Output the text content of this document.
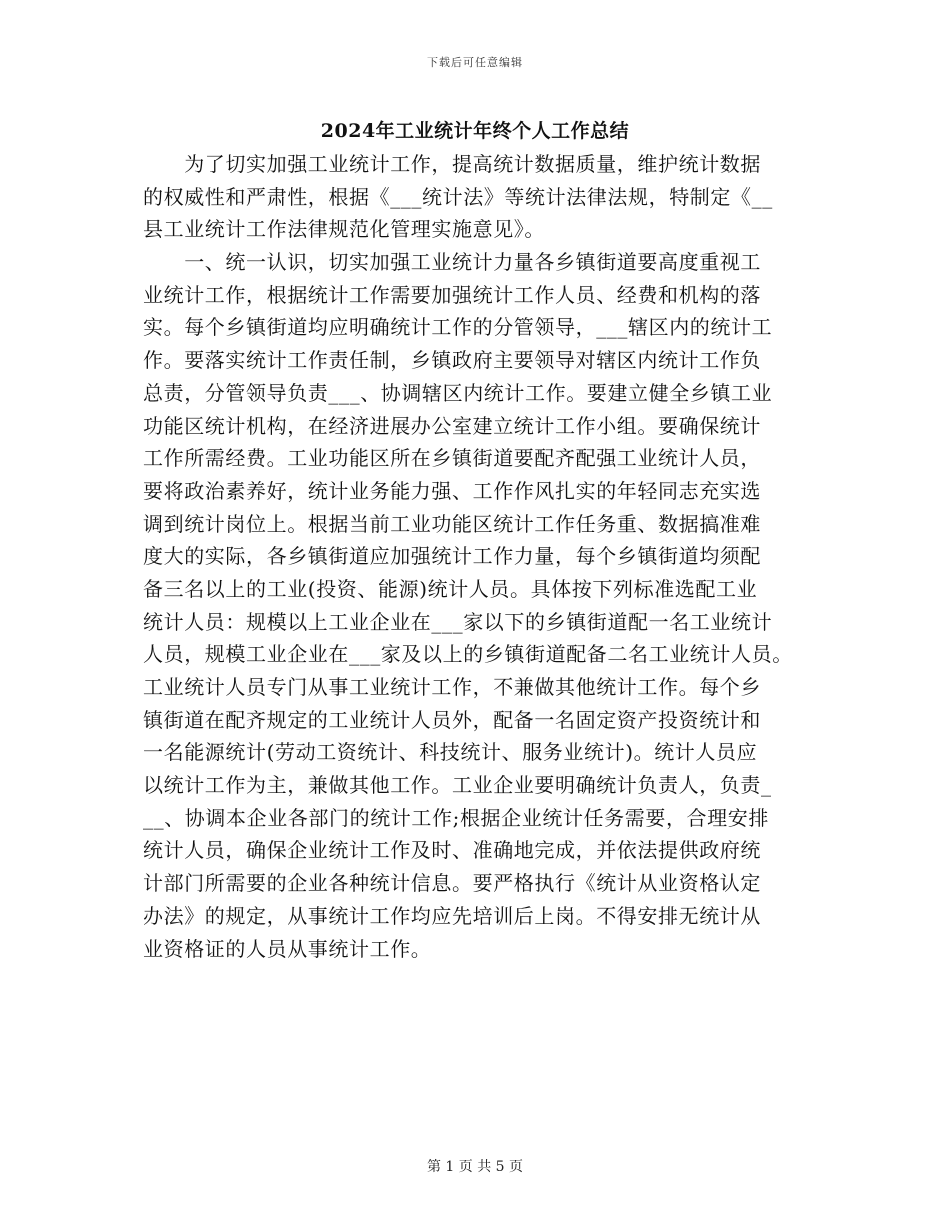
下载后可任意编辑
2024年工业统计年终个人工作总结
　　为了切实加强工业统计工作，提高统计数据质量，维护统计数据
的权威性和严肃性，根据《___统计法》等统计法律法规，特制定《__
县工业统计工作法律规范化管理实施意见》。
　　一、统一认识，切实加强工业统计力量各乡镇街道要高度重视工
业统计工作，根据统计工作需要加强统计工作人员、经费和机构的落
实。每个乡镇街道均应明确统计工作的分管领导，___辖区内的统计工
作。要落实统计工作责任制，乡镇政府主要领导对辖区内统计工作负
总责，分管领导负责___、协调辖区内统计工作。要建立健全乡镇工业
功能区统计机构，在经济进展办公室建立统计工作小组。要确保统计
工作所需经费。工业功能区所在乡镇街道要配齐配强工业统计人员，
要将政治素养好，统计业务能力强、工作作风扎实的年轻同志充实选
调到统计岗位上。根据当前工业功能区统计工作任务重、数据搞准难
度大的实际，各乡镇街道应加强统计工作力量，每个乡镇街道均须配
备三名以上的工业(投资、能源)统计人员。具体按下列标准选配工业
统计人员：规模以上工业企业在___家以下的乡镇街道配一名工业统计
人员，规模工业企业在___家及以上的乡镇街道配备二名工业统计人员。
工业统计人员专门从事工业统计工作，不兼做其他统计工作。每个乡
镇街道在配齐规定的工业统计人员外，配备一名固定资产投资统计和
一名能源统计(劳动工资统计、科技统计、服务业统计)。统计人员应
以统计工作为主，兼做其他工作。工业企业要明确统计负责人，负责_
__、协调本企业各部门的统计工作;根据企业统计任务需要，合理安排
统计人员，确保企业统计工作及时、准确地完成，并依法提供政府统
计部门所需要的企业各种统计信息。要严格执行《统计从业资格认定
办法》的规定，从事统计工作均应先培训后上岗。不得安排无统计从
业资格证的人员从事统计工作。
第 1 页 共 5 页
